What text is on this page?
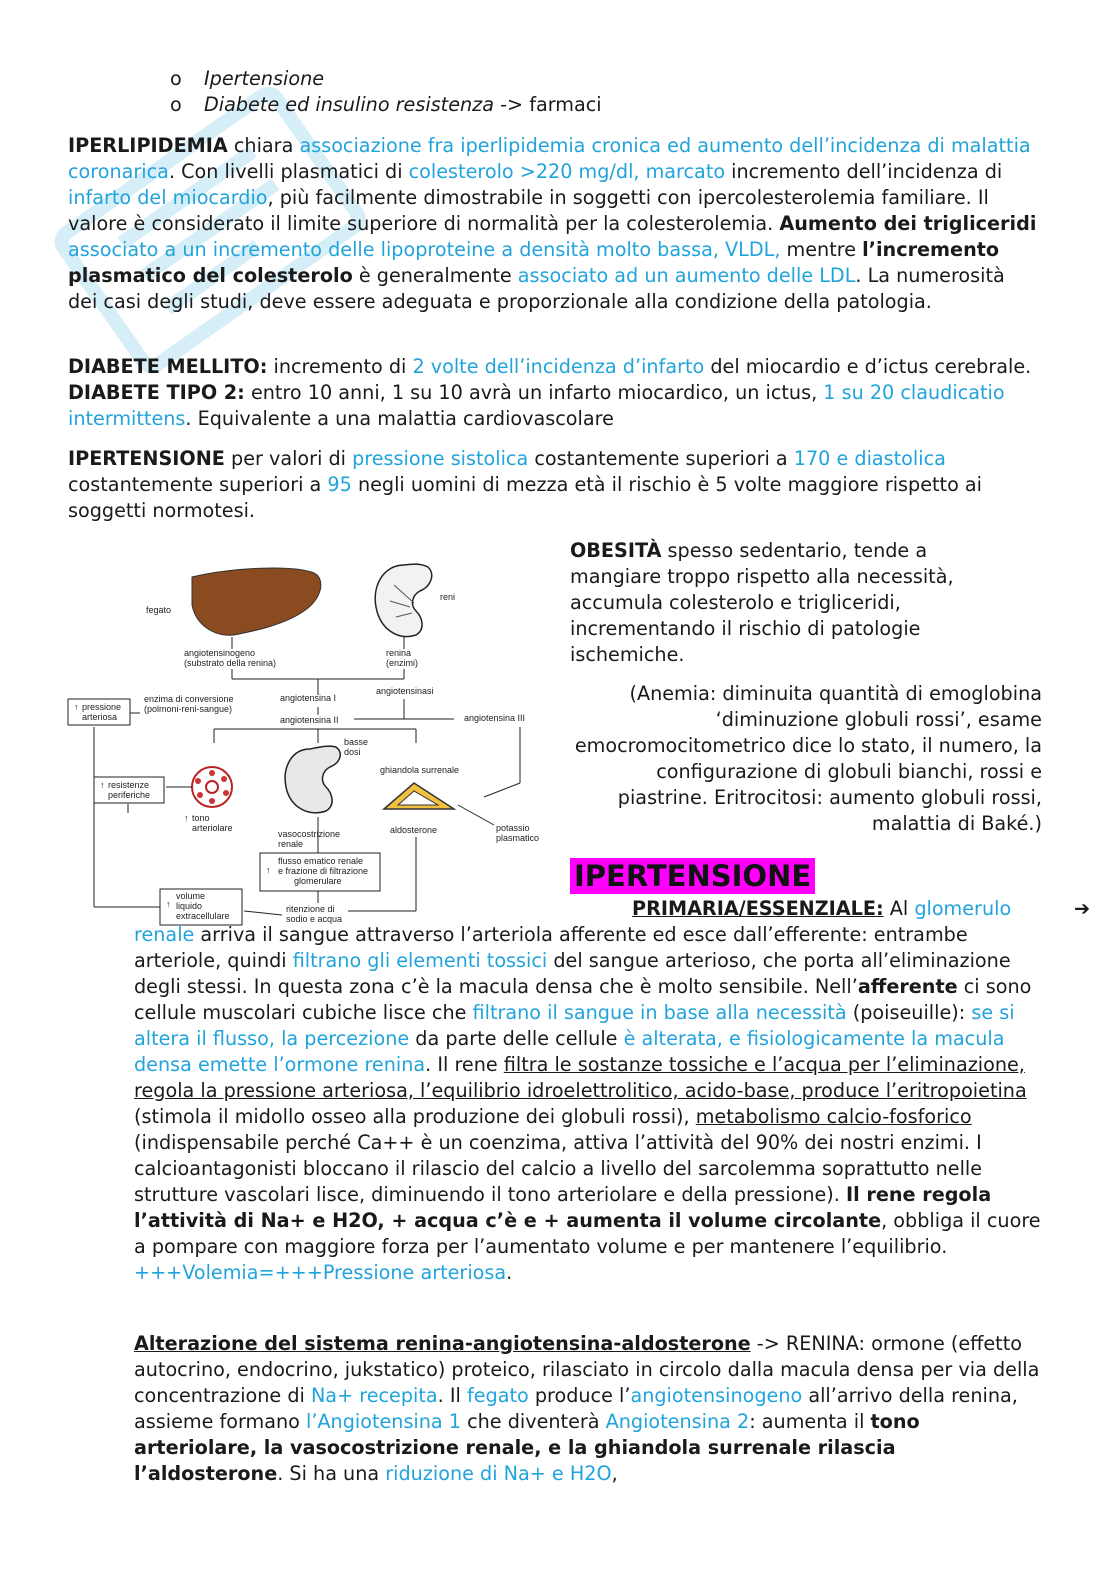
o Ipertensione
o Diabete ed insulino resistenza -> farmaci

IPERLIPIDEMIA chiara associazione fra iperlipidemia cronica ed aumento dell’incidenza di malattia coronarica. Con livelli plasmatici di colesterolo >220 mg/dl, marcato incremento dell’incidenza di infarto del miocardio, più facilmente dimostrabile in soggetti con ipercolesterolemia familiare. Il valore è considerato il limite superiore di normalità per la colesterolemia. Aumento dei trigliceridi associato a un incremento delle lipoproteine a densità molto bassa, VLDL, mentre l’incremento plasmatico del colesterolo è generalmente associato ad un aumento delle LDL. La numerosità dei casi degli studi, deve essere adeguata e proporzionale alla condizione della patologia.

DIABETE MELLITO: incremento di 2 volte dell’incidenza d’infarto del miocardio e d’ictus cerebrale. DIABETE TIPO 2: entro 10 anni, 1 su 10 avrà un infarto miocardico, un ictus, 1 su 20 claudicatio intermittens. Equivalente a una malattia cardiovascolare

IPERTENSIONE per valori di pressione sistolica costantemente superiori a 170 e diastolica costantemente superiori a 95 negli uomini di mezza età il rischio è 5 volte maggiore rispetto ai soggetti normotesi.

fegato
reni
angiotensinogeno
(substrato della renina)
renina
(enzimi)
↑ pressione
arteriosa
enzima di conversione
(polmoni-reni-sangue)
angiotensina I
angiotensinasi
angiotensina II	angiotensina III
basse
dosi
↑ resistenze
periferiche
↑ tono
arteriolare
vasocostrizione
renale
ghiandola surrenale
aldosterone	potassio
plasmatico
↑
flusso ematico renale
e frazione di filtrazione
glomerulare
ritenzione di
sodio e acqua
↑
volume
liquido
extracellulare

OBESITÀ spesso sedentario, tende a mangiare troppo rispetto alla necessità, accumula colesterolo e trigliceridi, incrementando il rischio di patologie ischemiche.

(Anemia: diminuita quantità di emoglobina ‘diminuzione globuli rossi’, esame emocromocitometrico dice lo stato, il numero, la configurazione di globuli bianchi, rossi e piastrine. Eritrocitosi: aumento globuli rossi, malattia di Baké.)

IPERTENSIONE
➔PRIMARIA/ESSENZIALE: Al glomerulo renale arriva il sangue attraverso l’arteriola afferente ed esce dall’efferente: entrambe arteriole, quindi filtrano gli elementi tossici del sangue arterioso, che porta all’eliminazione degli stessi. In questa zona c’è la macula densa che è molto sensibile. Nell’afferente ci sono cellule muscolari cubiche lisce che filtrano il sangue in base alla necessità (poiseuille): se si altera il flusso, la percezione da parte delle cellule è alterata, e fisiologicamente la macula densa emette l’ormone renina. Il rene filtra le sostanze tossiche e l’acqua per l’eliminazione, regola la pressione arteriosa, l’equilibrio idroelettrolitico, acido-base, produce l’eritropoietina (stimola il midollo osseo alla produzione dei globuli rossi), metabolismo calcio-fosforico (indispensabile perché Ca++ è un coenzima, attiva l’attività del 90% dei nostri enzimi. I calcioantagonisti bloccano il rilascio del calcio a livello del sarcolemma soprattutto nelle strutture vascolari lisce, diminuendo il tono arteriolare e della pressione). Il rene regola l’attività di Na+ e H2O, + acqua c’è e + aumenta il volume circolante, obbliga il cuore a pompare con maggiore forza per l’aumentato volume e per mantenere l’equilibrio. +++Volemia=+++Pressione arteriosa.
Alterazione del sistema renina-angiotensina-aldosterone -> RENINA: ormone (effetto autocrino, endocrino, jukstatico) proteico, rilasciato in circolo dalla macula densa per via della concentrazione di Na+ recepita. Il fegato produce l’angiotensinogeno all’arrivo della renina, assieme formano l’Angiotensina 1 che diventerà Angiotensina 2: aumenta il tono arteriolare, la vasocostrizione renale, e la ghiandola surrenale rilascia l’aldosterone. Si ha una riduzione di Na+ e H2O,
